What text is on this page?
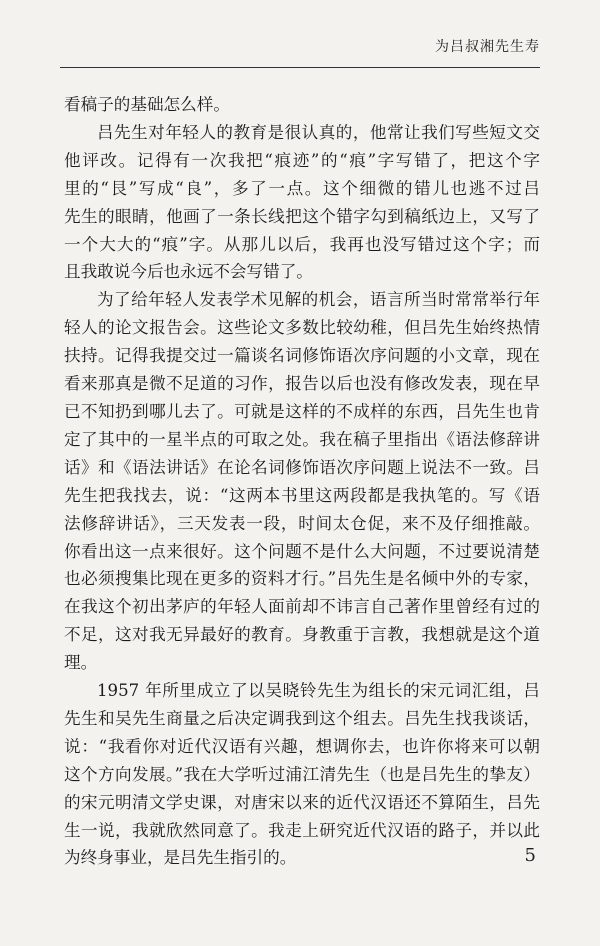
为吕叔湘先生寿
看稿子的基础怎么样。
吕先生对年轻人的教育是很认真的，他常让我们写些短文交
他评改。记得有一次我把“痕迹”的“痕”字写错了，把这个字
里的“艮”写成“良”，多了一点。这个细微的错儿也逃不过吕
先生的眼睛，他画了一条长线把这个错字勾到稿纸边上，又写了
一个大大的“痕”字。从那儿以后，我再也没写错过这个字；而
且我敢说今后也永远不会写错了。
为了给年轻人发表学术见解的机会，语言所当时常常举行年
轻人的论文报告会。这些论文多数比较幼稚，但吕先生始终热情
扶持。记得我提交过一篇谈名词修饰语次序问题的小文章，现在
看来那真是微不足道的习作，报告以后也没有修改发表，现在早
已不知扔到哪儿去了。可就是这样的不成样的东西，吕先生也肯
定了其中的一星半点的可取之处。我在稿子里指出《语法修辞讲
话》和《语法讲话》在论名词修饰语次序问题上说法不一致。吕
先生把我找去，说：“这两本书里这两段都是我执笔的。写《语
法修辞讲话》，三天发表一段，时间太仓促，来不及仔细推敲。
你看出这一点来很好。这个问题不是什么大问题，不过要说清楚
也必须搜集比现在更多的资料才行。”吕先生是名倾中外的专家，
在我这个初出茅庐的年轻人面前却不讳言自己著作里曾经有过的
不足，这对我无异最好的教育。身教重于言教，我想就是这个道
理。
1957 年所里成立了以吴晓铃先生为组长的宋元词汇组，吕
先生和吴先生商量之后决定调我到这个组去。吕先生找我谈话，
说：“我看你对近代汉语有兴趣，想调你去，也许你将来可以朝
这个方向发展。”我在大学听过浦江清先生（也是吕先生的挚友）
的宋元明清文学史课，对唐宋以来的近代汉语还不算陌生，吕先
生一说，我就欣然同意了。我走上研究近代汉语的路子，并以此
为终身事业，是吕先生指引的。	5
